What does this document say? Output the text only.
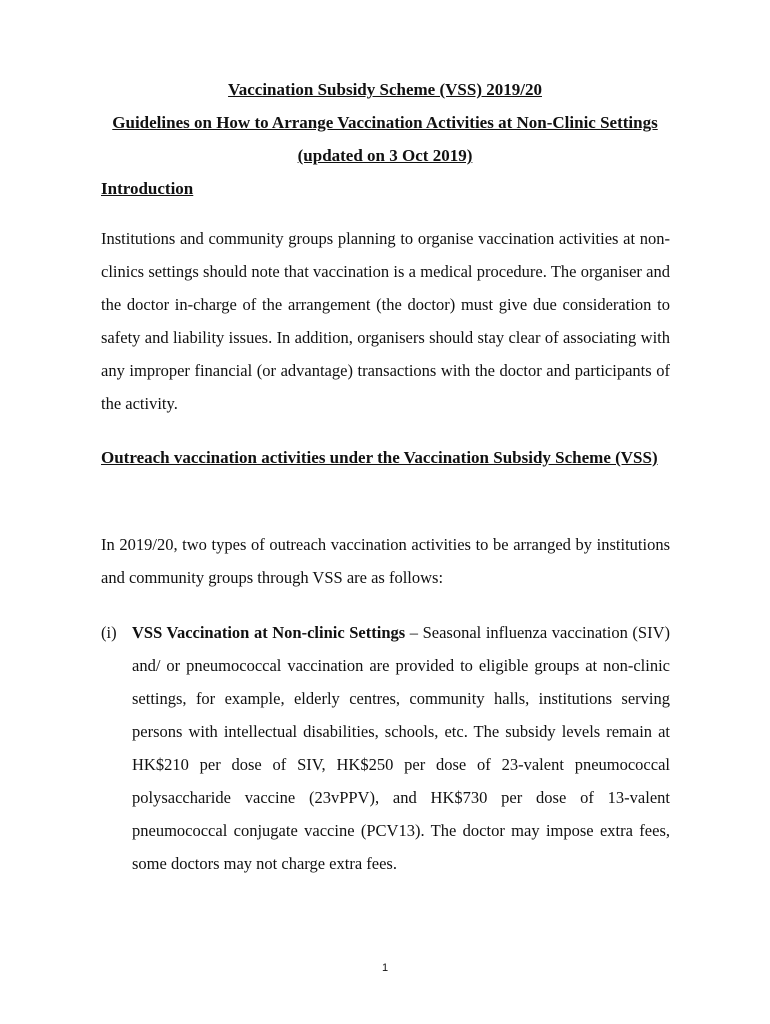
Vaccination Subsidy Scheme (VSS) 2019/20
Guidelines on How to Arrange Vaccination Activities at Non-Clinic Settings
(updated on 3 Oct 2019)
Introduction

Institutions and community groups planning to organise vaccination activities at non-clinics settings should note that vaccination is a medical procedure. The organiser and the doctor in-charge of the arrangement (the doctor) must give due consideration to safety and liability issues. In addition, organisers should stay clear of associating with any improper financial (or advantage) transactions with the doctor and participants of the activity.

Outreach vaccination activities under the Vaccination Subsidy Scheme (VSS)

In 2019/20, two types of outreach vaccination activities to be arranged by institutions and community groups through VSS are as follows:

(i) VSS Vaccination at Non-clinic Settings – Seasonal influenza vaccination (SIV) and/ or pneumococcal vaccination are provided to eligible groups at non-clinic settings, for example, elderly centres, community halls, institutions serving persons with intellectual disabilities, schools, etc. The subsidy levels remain at HK$210 per dose of SIV, HK$250 per dose of 23-valent pneumococcal polysaccharide vaccine (23vPPV), and HK$730 per dose of 13-valent pneumococcal conjugate vaccine (PCV13). The doctor may impose extra fees, some doctors may not charge extra fees.
1
